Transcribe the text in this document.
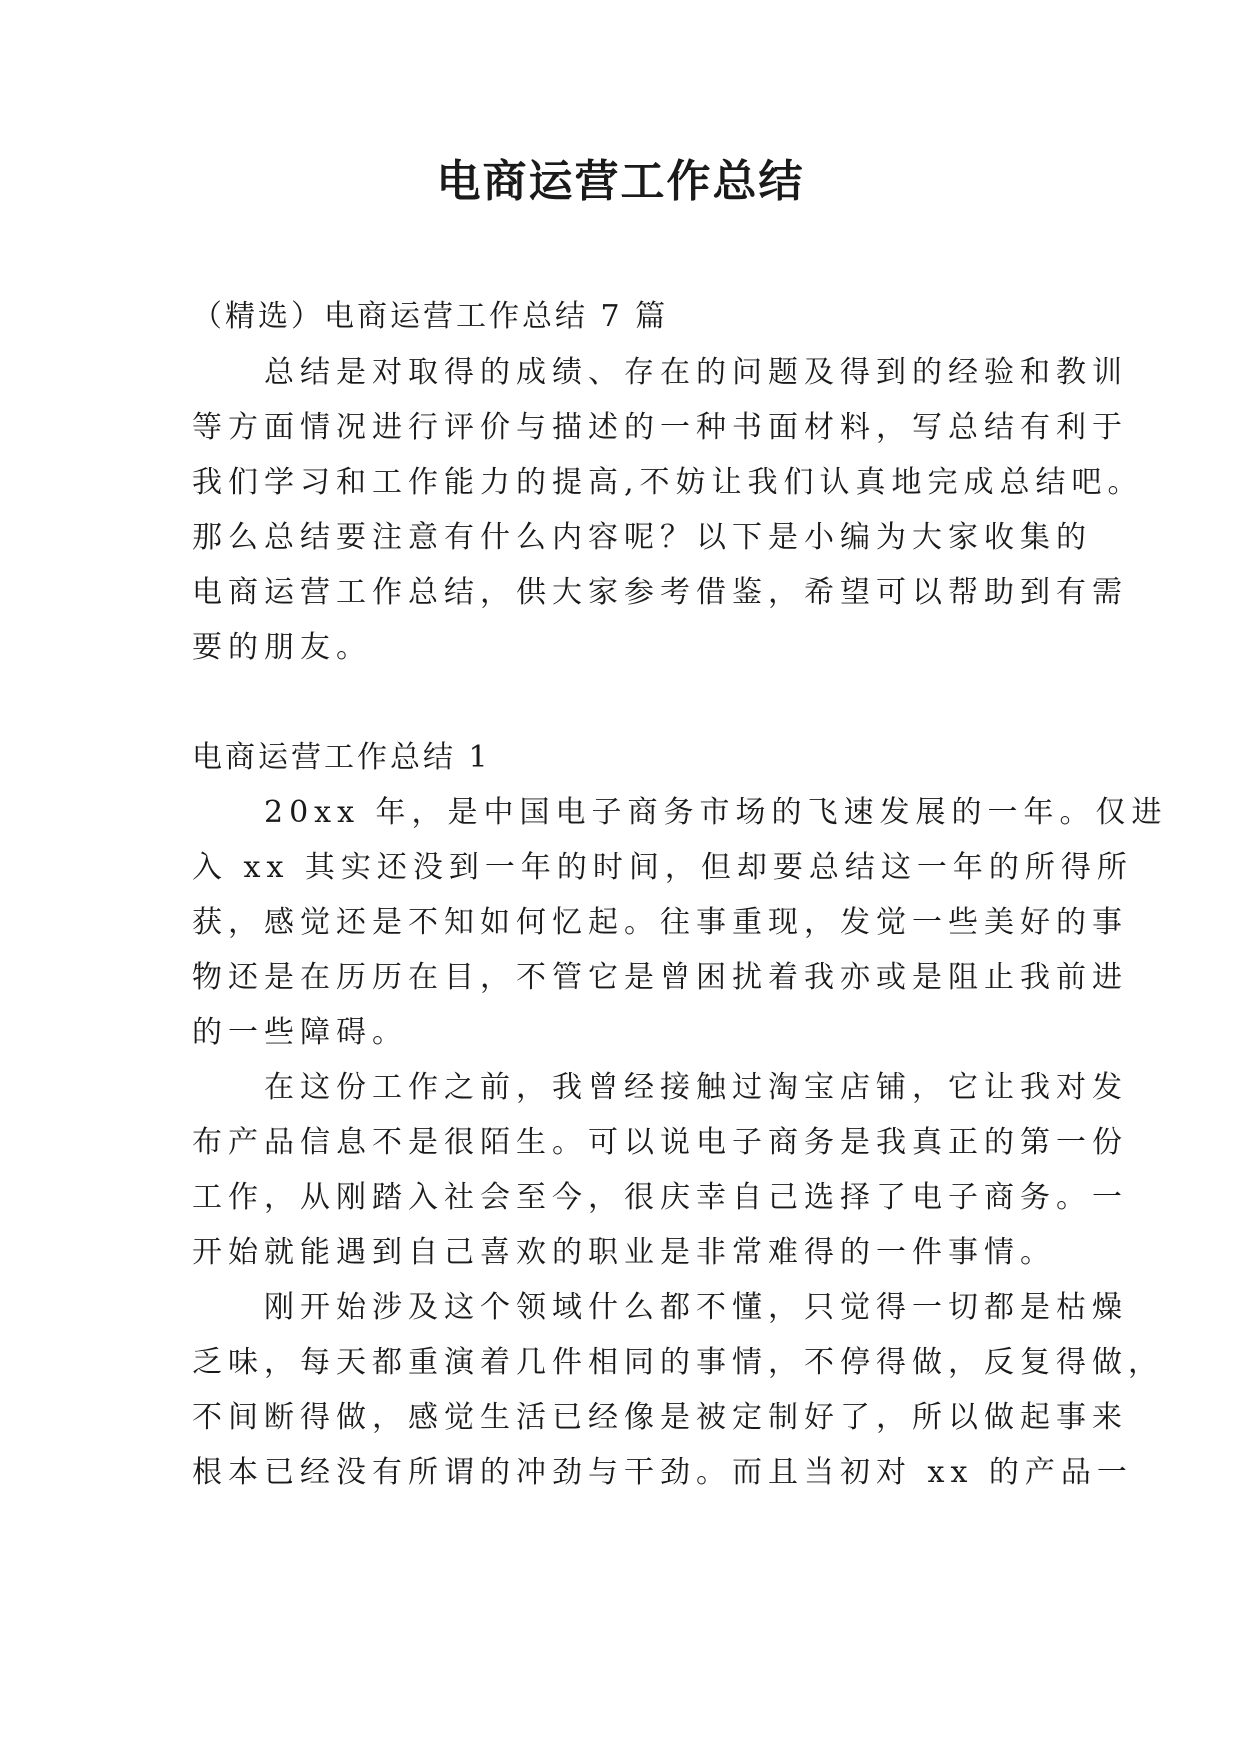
电商运营工作总结

（精选）电商运营工作总结 7 篇

　　总结是对取得的成绩、存在的问题及得到的经验和教训

等方面情况进行评价与描述的一种书面材料，写总结有利于

我们学习和工作能力的提高,不妨让我们认真地完成总结吧。

那么总结要注意有什么内容呢？以下是小编为大家收集的

电商运营工作总结，供大家参考借鉴，希望可以帮助到有需

要的朋友。

电商运营工作总结 1

　　20xx 年，是中国电子商务市场的飞速发展的一年。仅进

入 xx 其实还没到一年的时间，但却要总结这一年的所得所

获，感觉还是不知如何忆起。往事重现，发觉一些美好的事

物还是在历历在目，不管它是曾困扰着我亦或是阻止我前进

的一些障碍。

　　在这份工作之前，我曾经接触过淘宝店铺，它让我对发

布产品信息不是很陌生。可以说电子商务是我真正的第一份

工作，从刚踏入社会至今，很庆幸自己选择了电子商务。一

开始就能遇到自己喜欢的职业是非常难得的一件事情。

　　刚开始涉及这个领域什么都不懂，只觉得一切都是枯燥

乏味，每天都重演着几件相同的事情，不停得做，反复得做，

不间断得做，感觉生活已经像是被定制好了，所以做起事来

根本已经没有所谓的冲劲与干劲。而且当初对 xx 的产品一
